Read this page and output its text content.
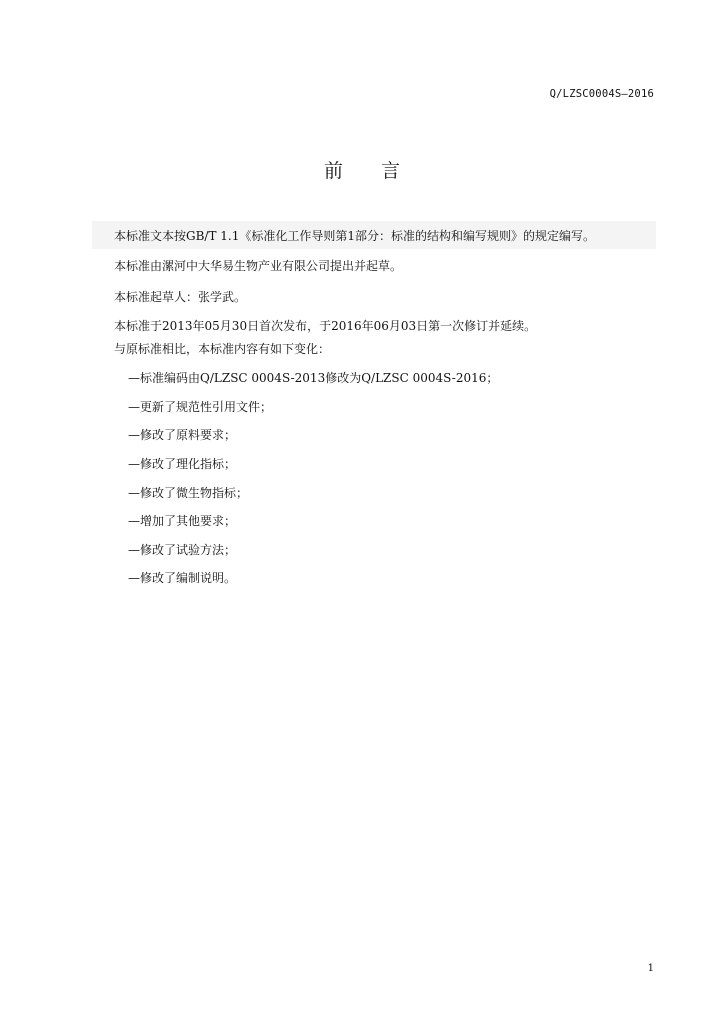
Q/LZSC0004S—2016
前言
本标准文本按GB/T 1.1《标准化工作导则第1部分：标准的结构和编写规则》的规定编写。
本标准由漯河中大华易生物产业有限公司提出并起草。
本标准起草人：张学武。
本标准于2013年05月30日首次发布，于2016年06月03日第一次修订并延续。
与原标准相比，本标准内容有如下变化：
—标准编码由Q/LZSC 0004S-2013修改为Q/LZSC 0004S-2016；
—更新了规范性引用文件；
—修改了原料要求；
—修改了理化指标；
—修改了微生物指标；
—增加了其他要求；
—修改了试验方法；
—修改了编制说明。
1
